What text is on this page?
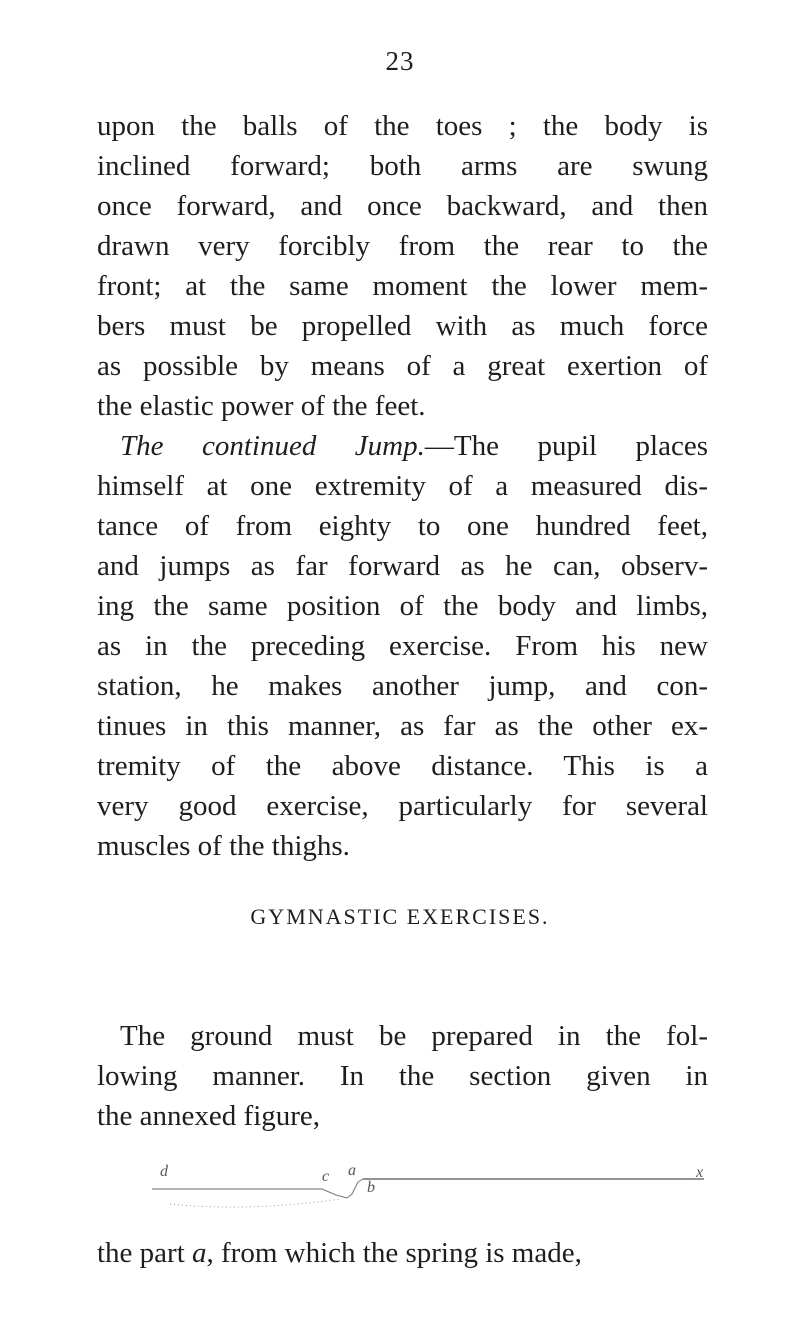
23
upon the balls of the toes ; the body is
inclined forward; both arms are swung
once forward, and once backward, and then
drawn very forcibly from the rear to the
front; at the same moment the lower mem-
bers must be propelled with as much force
as possible by means of a great exertion of
the elastic power of the feet.
The continued Jump.—The pupil places
himself at one extremity of a measured dis-
tance of from eighty to one hundred feet,
and jumps as far forward as he can, observ-
ing the same position of the body and limbs,
as in the preceding exercise. From his new
station, he makes another jump, and con-
tinues in this manner, as far as the other ex-
tremity of the above distance. This is a
very good exercise, particularly for several
muscles of the thighs.
GYMNASTIC EXERCISES.
The ground must be prepared in the fol-
lowing manner. In the section given in
the annexed figure,
d	c a
b
x
the part a, from which the spring is made,
